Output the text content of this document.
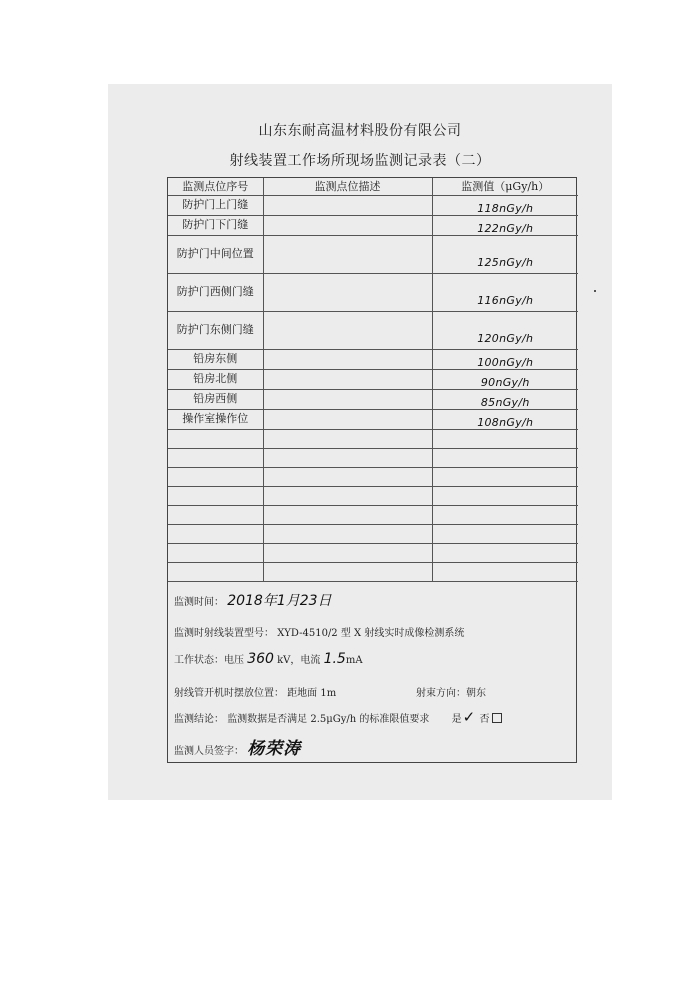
山东东耐高温材料股份有限公司
射线装置工作场所现场监测记录表（二）
监测点位序号	监测点位描述	监测值（μGy/h）
防护门上门缝		118nGy/h
防护门下门缝		122nGy/h
防护门中间位置		125nGy/h
防护门西侧门缝		116nGy/h
防护门东侧门缝		120nGy/h
铅房东侧		100nGy/h
铅房北侧		90nGy/h
铅房西侧		85nGy/h
操作室操作位		108nGy/h

监测时间： 2018年1月23日
监测时射线装置型号： XYD-4510/2 型 X 射线实时成像检测系统
工作状态：电压 360 kV，电流 1.5mA
射线管开机时摆放位置： 距地面 1m	射束方向：朝东
监测结论： 监测数据是否满足 2.5μGy/h 的标准限值要求 是✓ 否
监测人员签字： 杨荣涛
